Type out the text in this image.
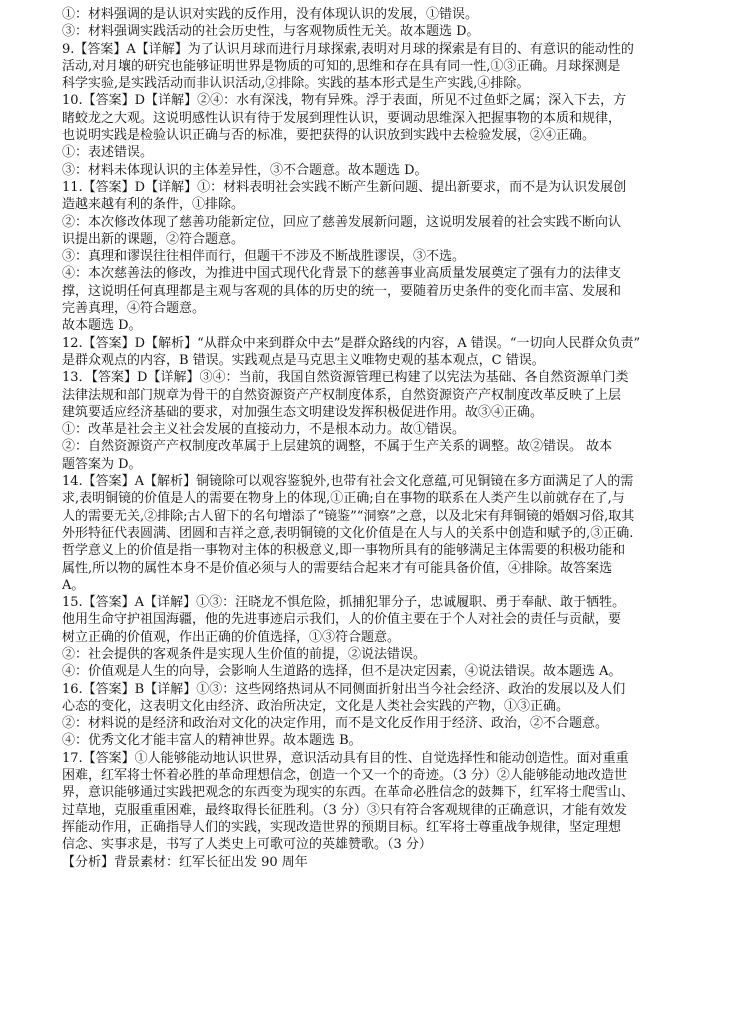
①：材料强调的是认识对实践的反作用，没有体现认识的发展，①错误。
③：材料强调实践活动的社会历史性，与客观物质性无关。故本题选 D。
9.【答案】A【详解】为了认识月球而进行月球探索,表明对月球的探索是有目的、有意识的能动性的
活动,对月壤的研究也能够证明世界是物质的可知的,思维和存在具有同一性,①③正确。月球探测是
科学实验,是实践活动而非认识活动,②排除。实践的基本形式是生产实践,④排除。
10.【答案】D【详解】②④：水有深浅，物有异殊。浮于表面，所见不过鱼虾之属；深入下去，方
睹蛟龙之大观。这说明感性认识有待于发展到理性认识，要调动思维深入把握事物的本质和规律，
也说明实践是检验认识正确与否的标准，要把获得的认识放到实践中去检验发展，②④正确。
①：表述错误。
③：材料未体现认识的主体差异性，③不合题意。故本题选 D。
11.【答案】D【详解】①：材料表明社会实践不断产生新问题、提出新要求，而不是为认识发展创
造越来越有利的条件，①排除。
②：本次修改体现了慈善功能新定位，回应了慈善发展新问题，这说明发展着的社会实践不断向认
识提出新的课题，②符合题意。
③：真理和谬误往往相伴而行，但题干不涉及不断战胜谬误，③不选。
④：本次慈善法的修改，为推进中国式现代化背景下的慈善事业高质量发展奠定了强有力的法律支
撑，这说明任何真理都是主观与客观的具体的历史的统一，要随着历史条件的变化而丰富、发展和
完善真理，④符合题意。
故本题选 D。
12.【答案】D【解析】“从群众中来到群众中去”是群众路线的内容，A 错误。“一切向人民群众负责”
是群众观点的内容，B 错误。实践观点是马克思主义唯物史观的基本观点，C 错误。
13．【答案】D【详解】③④：当前，我国自然资源管理已构建了以宪法为基础、各自然资源单门类
法律法规和部门规章为骨干的自然资源资产产权制度体系，自然资源资产产权制度改革反映了上层
建筑要适应经济基础的要求，对加强生态文明建设发挥积极促进作用。故③④正确。
①：改革是社会主义社会发展的直接动力，不是根本动力。故①错误。
②：自然资源资产产权制度改革属于上层建筑的调整，不属于生产关系的调整。故②错误。 故本
题答案为 D。
14.【答案】A【解析】铜镜除可以观容鉴貌外,也带有社会文化意蕴,可见铜镜在多方面满足了人的需
求,表明铜镜的价值是人的需要在物身上的体现,①正确;自在事物的联系在人类产生以前就存在了,与
人的需要无关,②排除;古人留下的名句增添了“镜鉴”“洞察”之意，以及北宋有拜铜镜的婚姻习俗,取其
外形特征代表圆满、团圆和吉祥之意,表明铜镜的文化价值是在人与人的关系中创造和赋予的,③正确.
哲学意义上的价值是指一事物对主体的积极意义,即一事物所具有的能够满足主体需要的积极功能和
属性,所以物的属性本身不是价值必须与人的需要结合起来才有可能具备价值，④排除。故答案选
A。
15.【答案】A【详解】①③：汪晓龙不惧危险，抓捕犯罪分子，忠诚履职、勇于奉献、敢于牺牲。
他用生命守护祖国海疆，他的先进事迹启示我们，人的价值主要在于个人对社会的责任与贡献，要
树立正确的价值观，作出正确的价值选择，①③符合题意。
②：社会提供的客观条件是实现人生价值的前提，②说法错误。
④：价值观是人生的向导，会影响人生道路的选择，但不是决定因素，④说法错误。故本题选 A。
16.【答案】B【详解】①③：这些网络热词从不同侧面折射出当今社会经济、政治的发展以及人们
心态的变化，这表明文化由经济、政治所决定，文化是人类社会实践的产物，①③正确。
②：材料说的是经济和政治对文化的决定作用，而不是文化反作用于经济、政治，②不合题意。
④：优秀文化才能丰富人的精神世界。故本题选 B。
17.【答案】①人能够能动地认识世界，意识活动具有目的性、自觉选择性和能动创造性。面对重重
困难，红军将士怀着必胜的革命理想信念，创造一个又一个的奇迹。（3 分）②人能够能动地改造世
界，意识能够通过实践把观念的东西变为现实的东西。在革命必胜信念的鼓舞下，红军将士爬雪山、
过草地，克服重重困难，最终取得长征胜利。（3 分）③只有符合客观规律的正确意识，才能有效发
挥能动作用，正确指导人们的实践，实现改造世界的预期目标。红军将士尊重战争规律，坚定理想
信念、实事求是，书写了人类史上可歌可泣的英雄赞歌。（3 分）
【分析】背景素材：红军长征出发 90 周年
